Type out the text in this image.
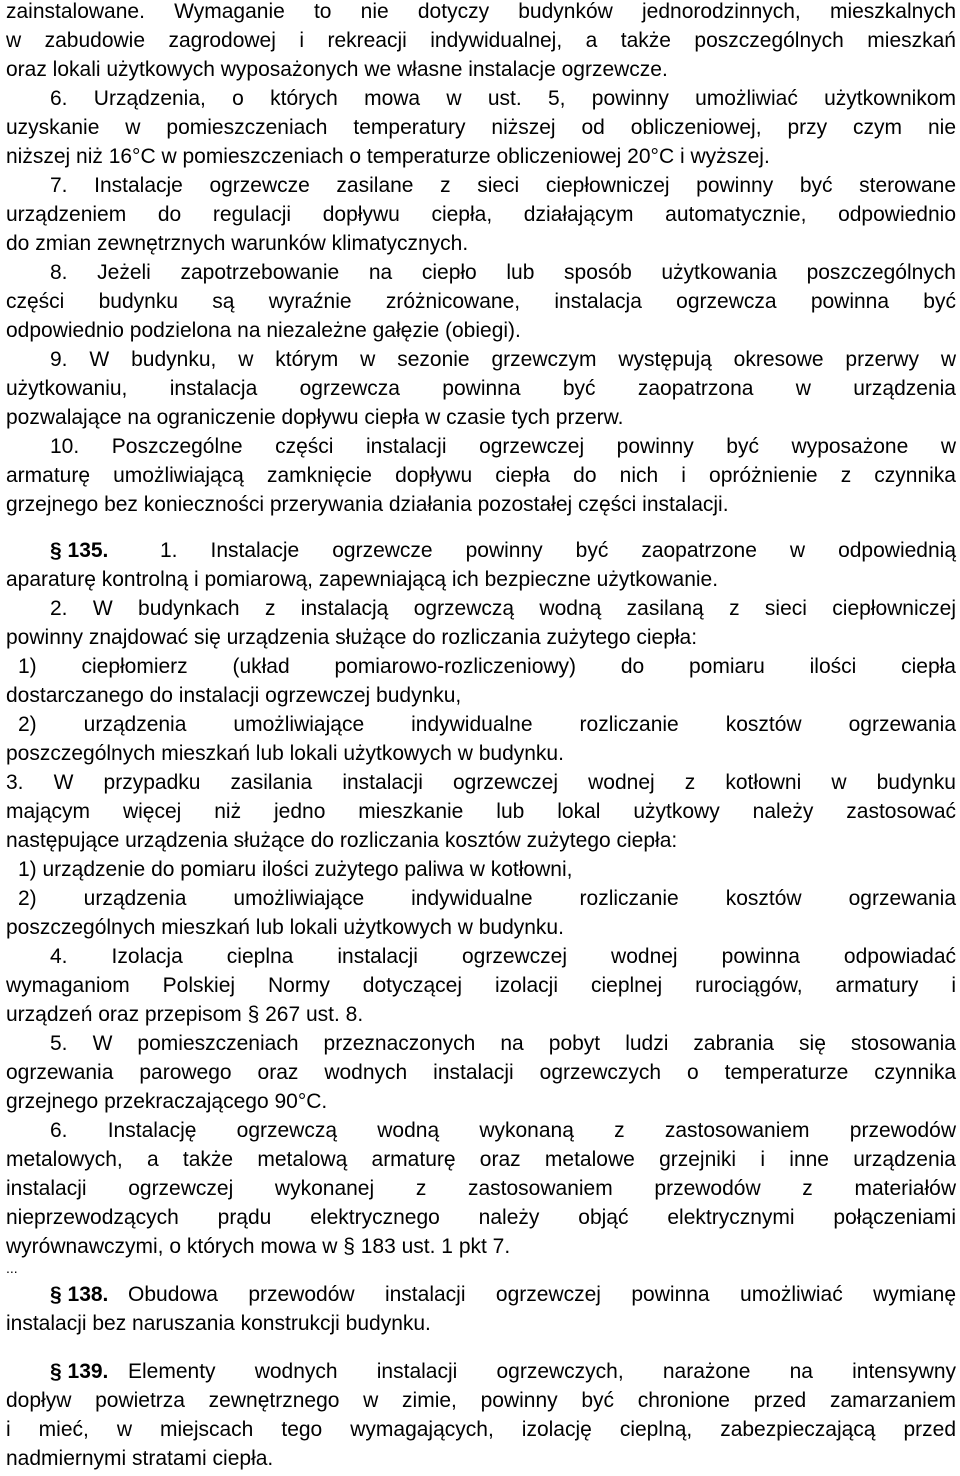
zainstalowane. Wymaganie to nie dotyczy budynków jednorodzinnych, mieszkalnych
w zabudowie zagrodowej i rekreacji indywidualnej, a także poszczególnych mieszkań
oraz lokali użytkowych wyposażonych we własne instalacje ogrzewcze.
6. Urządzenia, o których mowa w ust. 5, powinny umożliwiać użytkownikom
uzyskanie w pomieszczeniach temperatury niższej od obliczeniowej, przy czym nie
niższej niż 16°C w pomieszczeniach o temperaturze obliczeniowej 20°C i wyższej.
7. Instalacje ogrzewcze zasilane z sieci ciepłowniczej powinny być sterowane
urządzeniem do regulacji dopływu ciepła, działającym automatycznie, odpowiednio
do zmian zewnętrznych warunków klimatycznych.
8. Jeżeli zapotrzebowanie na ciepło lub sposób użytkowania poszczególnych
części budynku są wyraźnie zróżnicowane, instalacja ogrzewcza powinna być
odpowiednio podzielona na niezależne gałęzie (obiegi).
9. W budynku, w którym w sezonie grzewczym występują okresowe przerwy w
użytkowaniu, instalacja ogrzewcza powinna być zaopatrzona w urządzenia
pozwalające na ograniczenie dopływu ciepła w czasie tych przerw.
10. Poszczególne części instalacji ogrzewczej powinny być wyposażone w
armaturę umożliwiającą zamknięcie dopływu ciepła do nich i opróżnienie z czynnika
grzejnego bez konieczności przerywania działania pozostałej części instalacji.
§ 135.	1. Instalacje ogrzewcze powinny być zaopatrzone w odpowiednią
aparaturę kontrolną i pomiarową, zapewniającą ich bezpieczne użytkowanie.
2. W budynkach z instalacją ogrzewczą wodną zasilaną z sieci ciepłowniczej
powinny znajdować się urządzenia służące do rozliczania zużytego ciepła:
1) ciepłomierz (układ pomiarowo-rozliczeniowy) do pomiaru ilości ciepła
dostarczanego do instalacji ogrzewczej budynku,
2) urządzenia umożliwiające indywidualne rozliczanie kosztów ogrzewania
poszczególnych mieszkań lub lokali użytkowych w budynku.
3. W przypadku zasilania instalacji ogrzewczej wodnej z kotłowni w budynku
mającym więcej niż jedno mieszkanie lub lokal użytkowy należy zastosować
następujące urządzenia służące do rozliczania kosztów zużytego ciepła:
1) urządzenie do pomiaru ilości zużytego paliwa w kotłowni,
2) urządzenia umożliwiające indywidualne rozliczanie kosztów ogrzewania
poszczególnych mieszkań lub lokali użytkowych w budynku.
4. Izolacja cieplna instalacji ogrzewczej wodnej powinna odpowiadać
wymaganiom Polskiej Normy dotyczącej izolacji cieplnej rurociągów, armatury i
urządzeń oraz przepisom § 267 ust. 8.
5. W pomieszczeniach przeznaczonych na pobyt ludzi zabrania się stosowania
ogrzewania parowego oraz wodnych instalacji ogrzewczych o temperaturze czynnika
grzejnego przekraczającego 90°C.
6. Instalację ogrzewczą wodną wykonaną z zastosowaniem przewodów
metalowych, a także metalową armaturę oraz metalowe grzejniki i inne urządzenia
instalacji ogrzewczej wykonanej z zastosowaniem przewodów z materiałów
nieprzewodzących prądu elektrycznego należy objąć elektrycznymi połączeniami
wyrównawczymi, o których mowa w § 183 ust. 1 pkt 7.
...
§ 138. Obudowa przewodów instalacji ogrzewczej powinna umożliwiać wymianę
instalacji bez naruszania konstrukcji budynku.
§ 139. Elementy wodnych instalacji ogrzewczych, narażone na intensywny
dopływ powietrza zewnętrznego w zimie, powinny być chronione przed zamarzaniem
i mieć, w miejscach tego wymagających, izolację cieplną, zabezpieczającą przed
nadmiernymi stratami ciepła.
